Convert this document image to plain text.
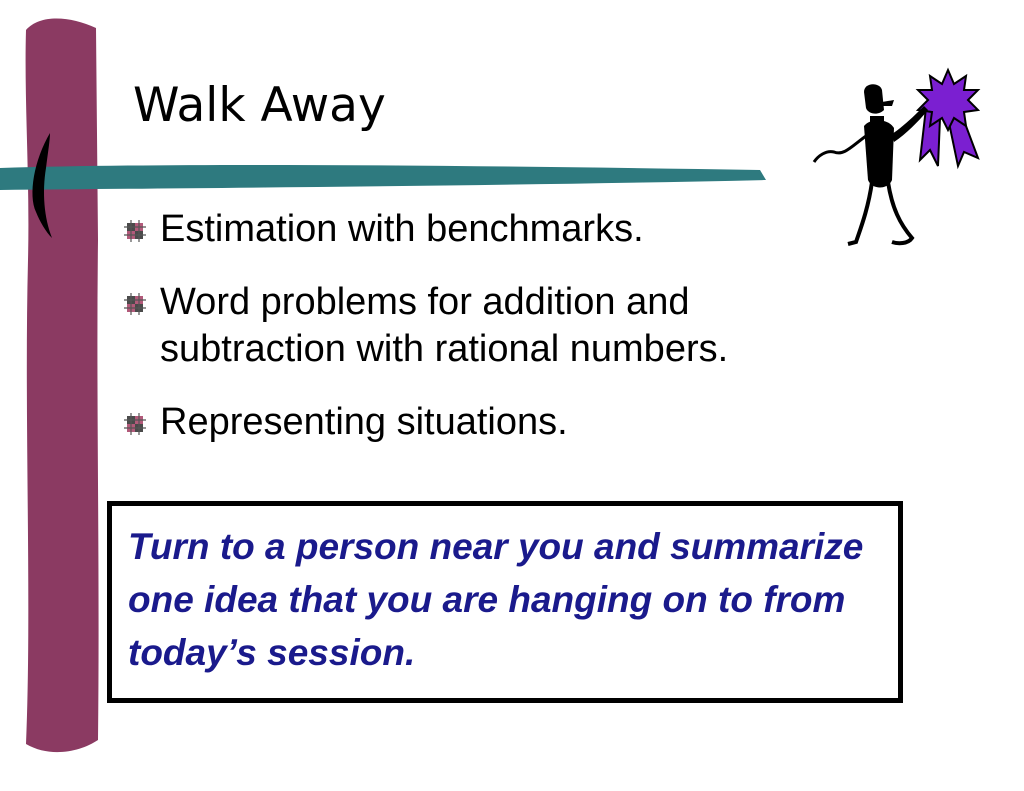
Walk Away
Estimation with benchmarks.
Word problems for addition and subtraction with rational numbers.
Representing situations.
Turn to a person near you and summarize one idea that you are hanging on to from today’s session.
